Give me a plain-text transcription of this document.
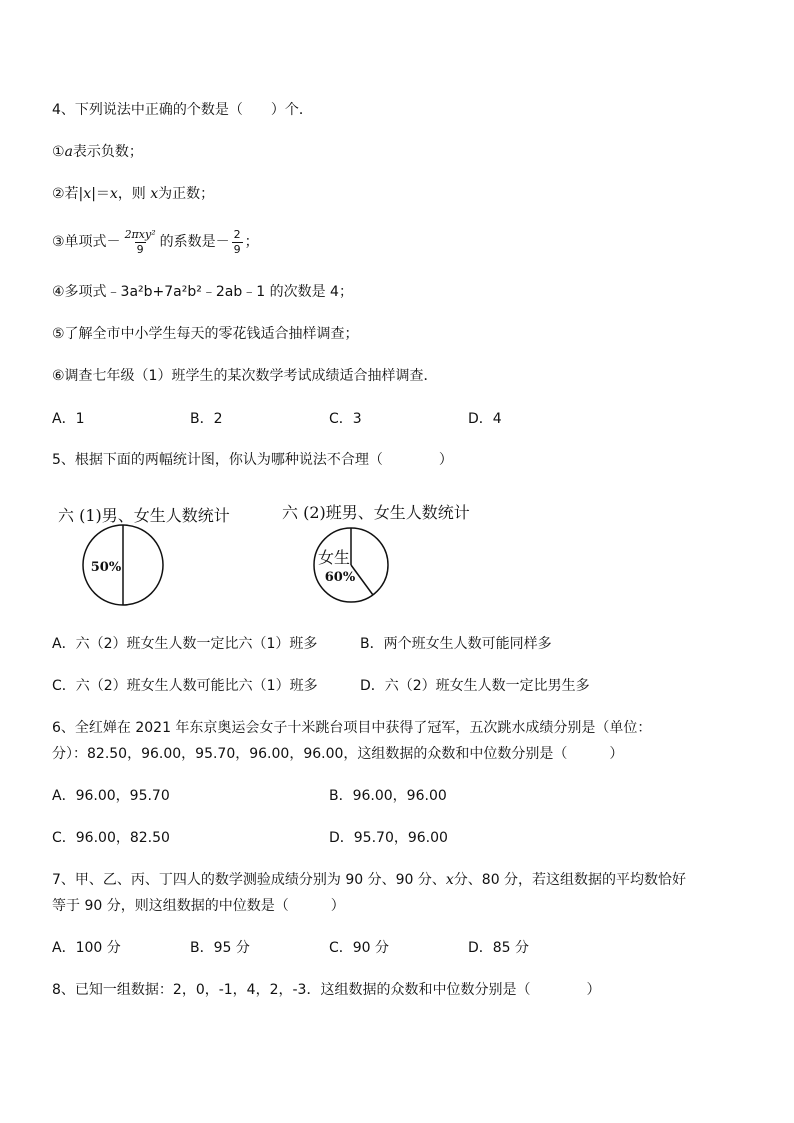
4、下列说法中正确的个数是（　　）个．
①a表示负数；
②若|x|＝x，则 x为正数；
③单项式－ $\frac{\text{2πxy²}}{9}$ 的系数是－ $\frac{2}{9}$ ；
④多项式﹣3a²b+7a²b²﹣2ab﹣1 的次数是 4；
⑤了解全市中小学生每天的零花钱适合抽样调查；
⑥调查七年级（1）班学生的某次数学考试成绩适合抽样调查．
A．1	B．2	C．3	D．4
5、根据下面的两幅统计图，你认为哪种说法不合理（　　　　）
六 (1)男、女生人数统计	六 (2)班男、女生人数统计
50%
女生
60%
A．六（2）班女生人数一定比六（1）班多	B．两个班女生人数可能同样多
C．六（2）班女生人数可能比六（1）班多	D．六（2）班女生人数一定比男生多
6、全红婵在 2021 年东京奥运会女子十米跳台项目中获得了冠军，五次跳水成绩分别是（单位：
分）：82.50，96.00，95.70，96.00，96.00，这组数据的众数和中位数分别是（　　　）
A．96.00，95.70	B．96.00，96.00
C．96.00，82.50	D．95.70，96.00
7、甲、乙、丙、丁四人的数学测验成绩分别为 90 分、90 分、x分、80 分，若这组数据的平均数恰好
等于 90 分，则这组数据的中位数是（　　　）
A．100 分	B．95 分	C．90 分	D．85 分
8、已知一组数据：2，0，-1，4，2，-3．这组数据的众数和中位数分别是（　　　　）
